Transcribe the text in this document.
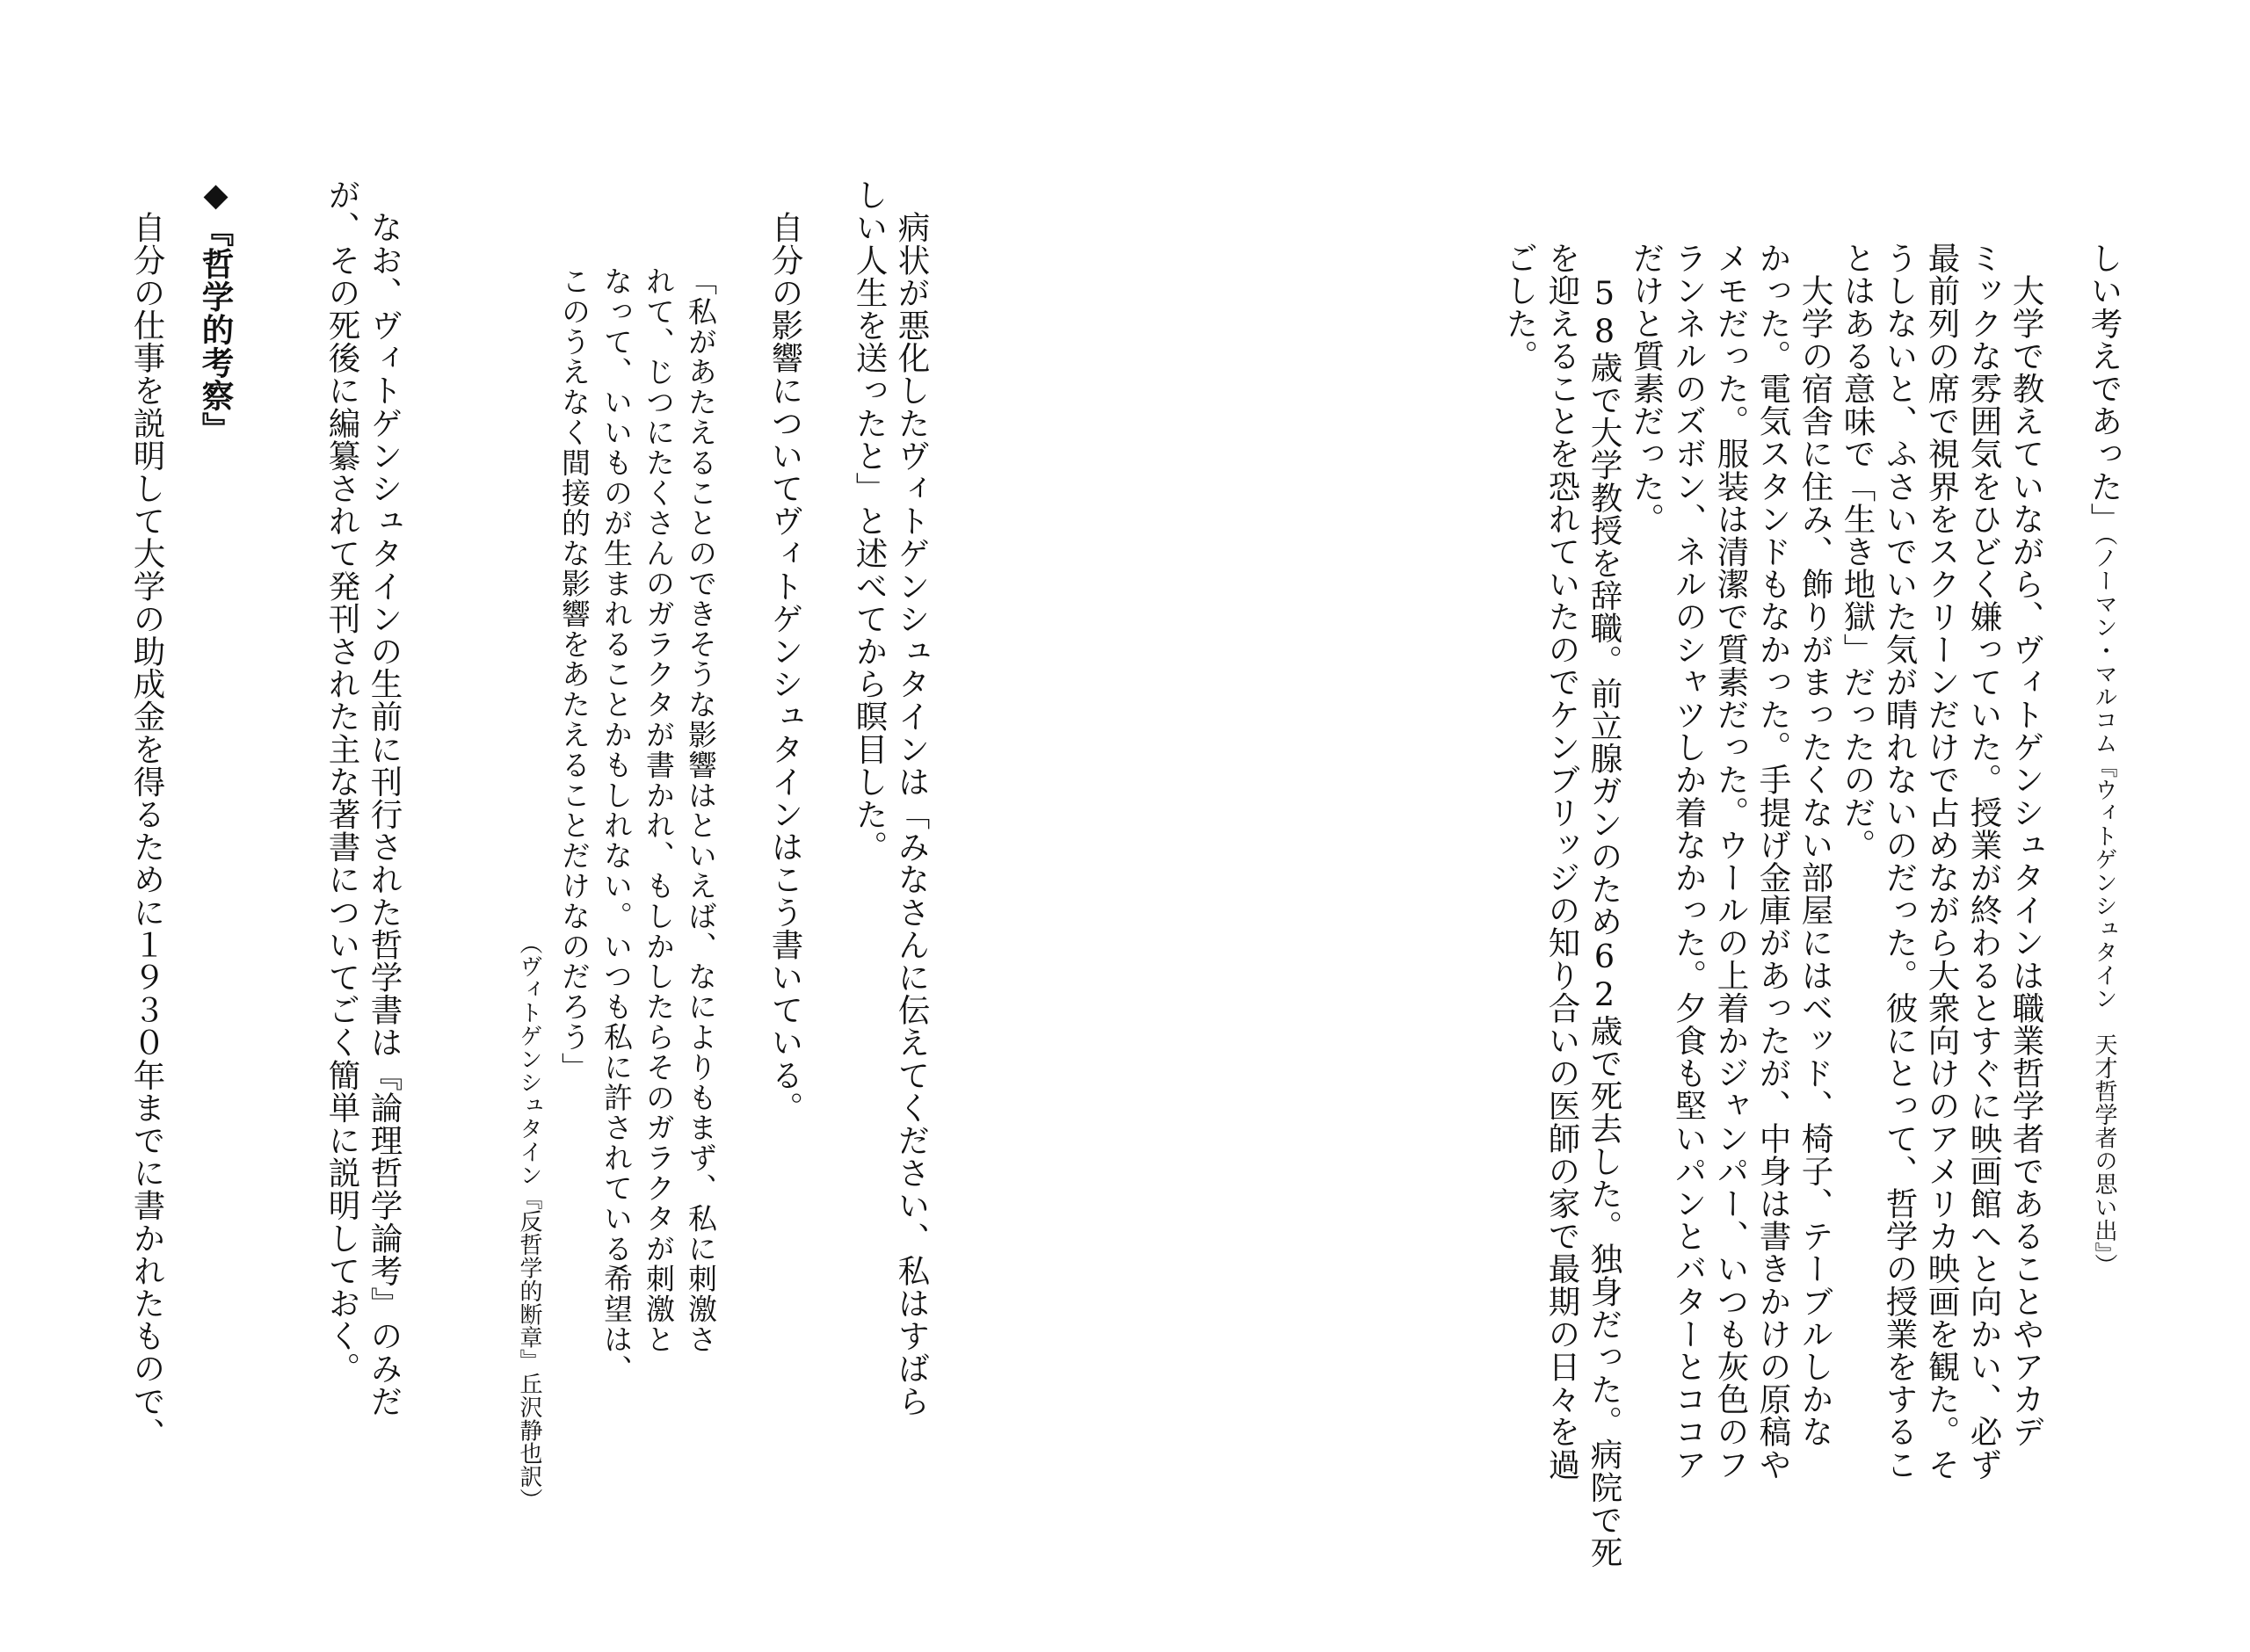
しい考えであった」

（ノーマン・マルコム『ウィトゲンシュタイン　天才哲学者の思い出』）

　大学で教えていながら、ヴィトゲンシュタインは職業哲学者であることやアカデ

ミックな雰囲気をひどく嫌っていた。授業が終わるとすぐに映画館へと向かい、必ず

最前列の席で視界をスクリーンだけで占めながら大衆向けのアメリカ映画を観た。そ

うしないと、ふさいでいた気が晴れないのだった。彼にとって、哲学の授業をするこ

とはある意味で「生き地獄」だったのだ。

　大学の宿舎に住み、飾りがまったくない部屋にはベッド、椅子、テーブルしかな

かった。電気スタンドもなかった。手提げ金庫があったが、中身は書きかけの原稿や

メモだった。服装は清潔で質素だった。ウールの上着かジャンパー、いつも灰色のフ

ランネルのズボン、ネルのシャツしか着なかった。夕食も堅いパンとバターとココア

だけと質素だった。

　58歳で大学教授を辞職。前立腺ガンのため62歳で死去した。独身だった。病院で死

を迎えることを恐れていたのでケンブリッジの知り合いの医師の家で最期の日々を過

ごした。

　病状が悪化したヴィトゲンシュタインは「みなさんに伝えてください、私はすばら

しい人生を送ったと」と述べてから瞑目した。

　自分の影響についてヴィトゲンシュタインはこう書いている。

「私があたえることのできそうな影響はといえば、なによりもまず、私に刺激さ

れて、じつにたくさんのガラクタが書かれ、もしかしたらそのガラクタが刺激と

なって、いいものが生まれることかもしれない。いつも私に許されている希望は、

このうえなく間接的な影響をあたえることだけなのだろう」

（ヴィトゲンシュタイン『反哲学的断章』丘沢静也訳）

　なお、ヴィトゲンシュタインの生前に刊行された哲学書は『論理哲学論考』のみだ

が、その死後に編纂されて発刊された主な著書についてごく簡単に説明しておく。

◆『哲学的考察』

　自分の仕事を説明して大学の助成金を得るために１９３０年までに書かれたもので、
